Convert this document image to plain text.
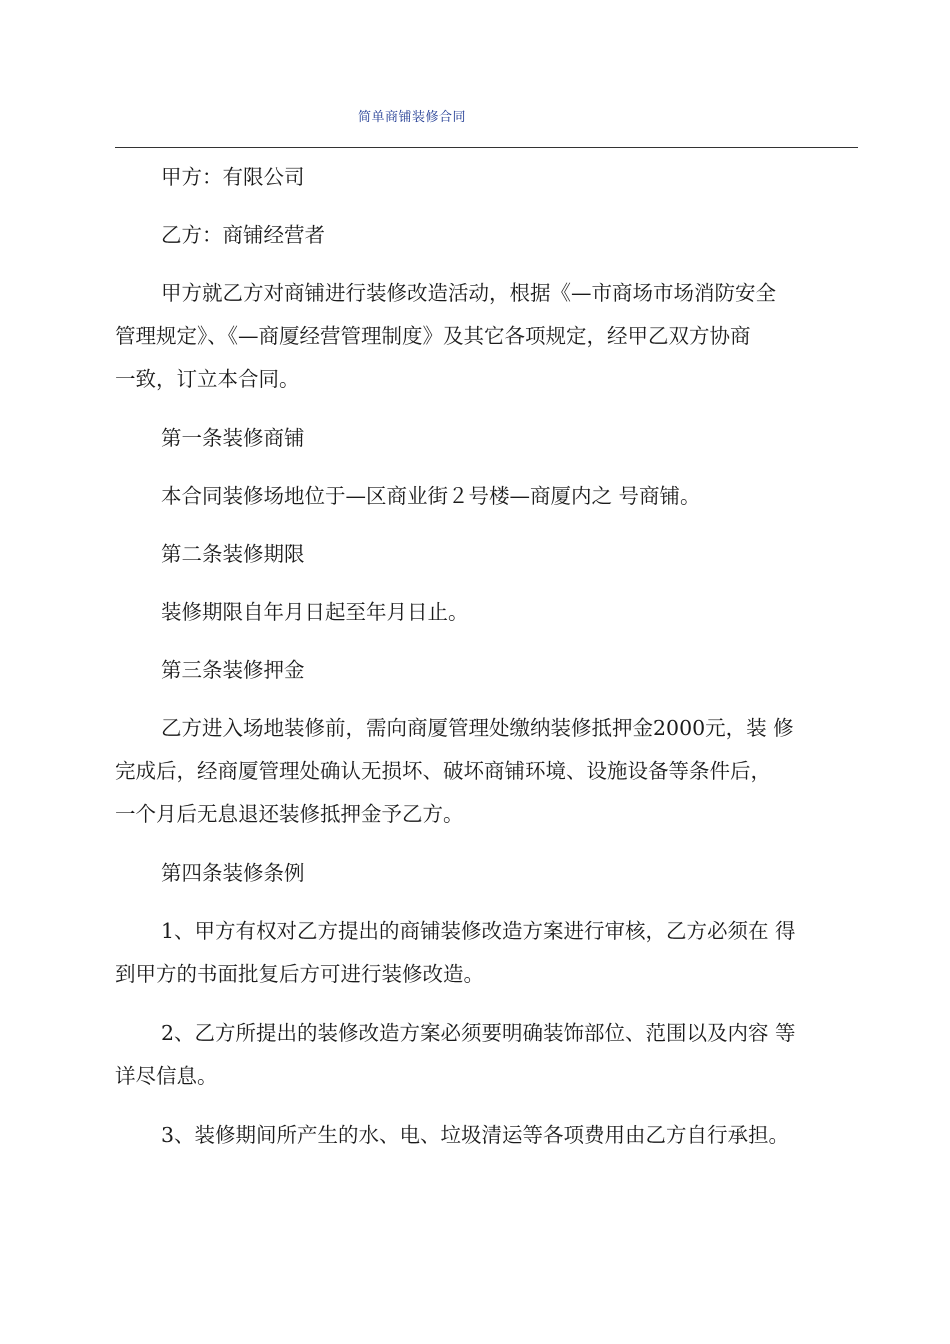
简单商铺装修合同

甲方：有限公司

乙方：商铺经营者

甲方就乙方对商铺进行装修改造活动，根据《—市商场市场消防安全
管理规定》、《—商厦经营管理制度》及其它各项规定，经甲乙双方协商
一致，订立本合同。

第一条装修商铺

本合同装修场地位于—区商业街２号楼—商厦内之 号商铺。

第二条装修期限

装修期限自年月日起至年月日止。

第三条装修押金

乙方进入场地装修前，需向商厦管理处缴纳装修抵押金2000元，装 修
完成后，经商厦管理处确认无损坏、破坏商铺环境、设施设备等条件后，
一个月后无息退还装修抵押金予乙方。

第四条装修条例

1、甲方有权对乙方提出的商铺装修改造方案进行审核，乙方必须在 得
到甲方的书面批复后方可进行装修改造。

2、乙方所提出的装修改造方案必须要明确装饰部位、范围以及内容 等
详尽信息。

3、装修期间所产生的水、电、垃圾清运等各项费用由乙方自行承担。
